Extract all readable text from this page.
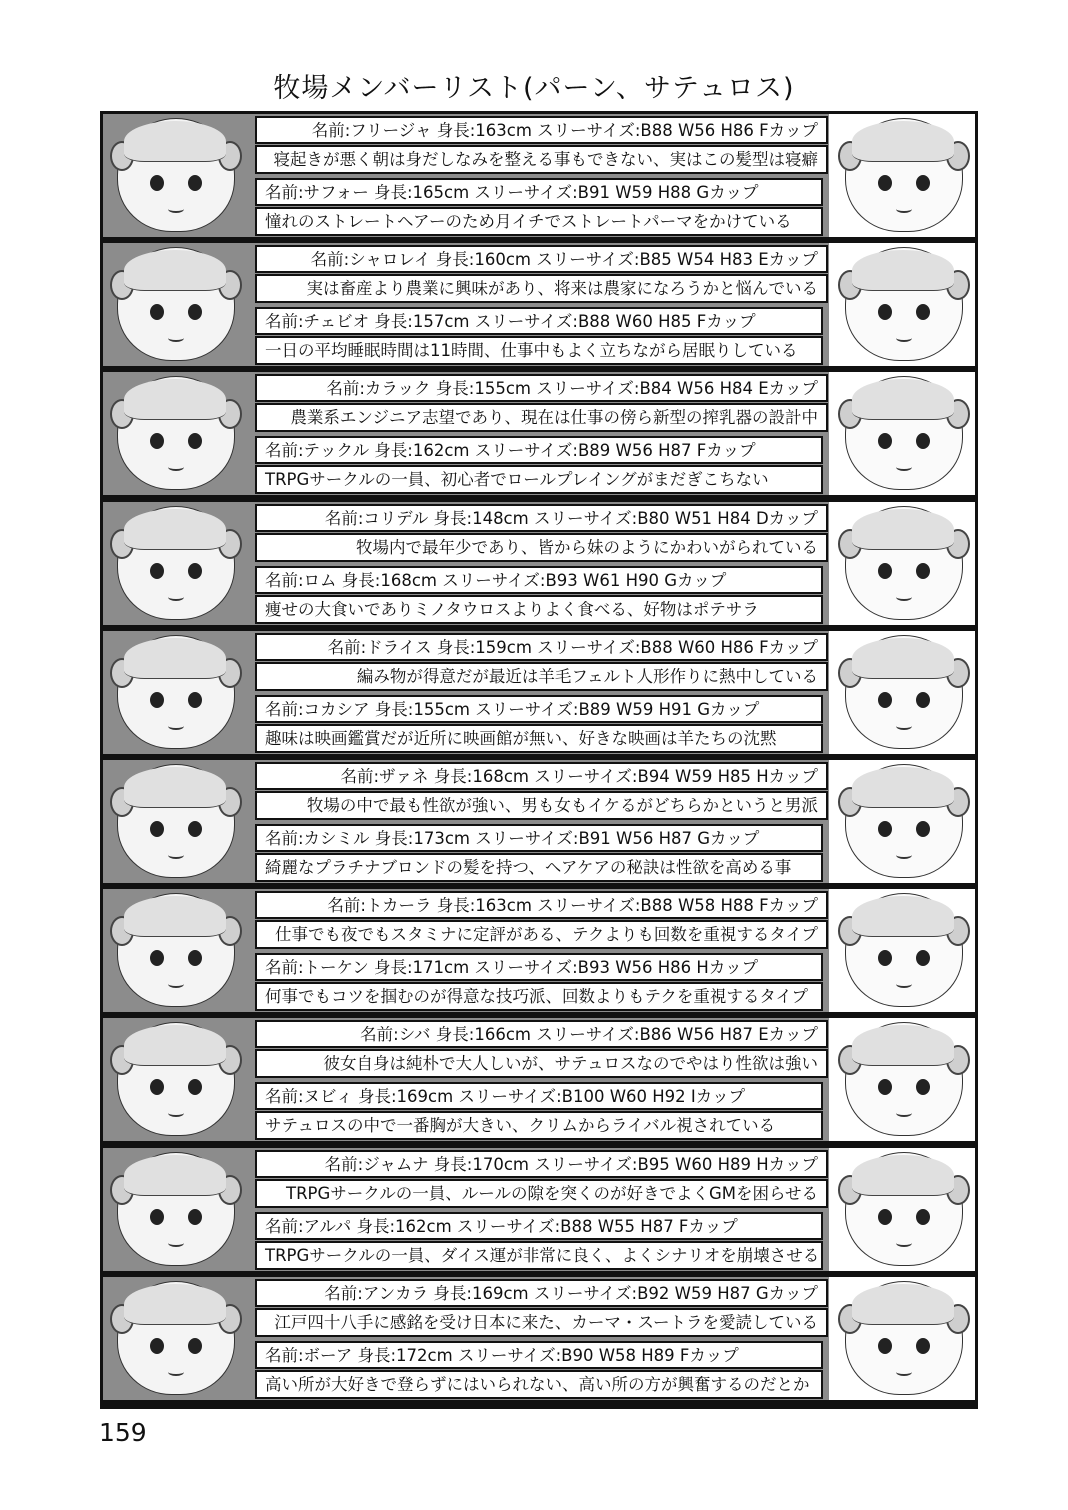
牧場メンバーリスト(パーン、サテュロス)
名前:フリージャ 身長:163cm スリーサイズ:B88 W56 H86 Fカップ
寝起きが悪く朝は身だしなみを整える事もできない、実はこの髪型は寝癖
名前:サフォー 身長:165cm スリーサイズ:B91 W59 H88 Gカップ
憧れのストレートヘアーのため月イチでストレートパーマをかけている
名前:シャロレイ 身長:160cm スリーサイズ:B85 W54 H83 Eカップ
実は畜産より農業に興味があり、将来は農家になろうかと悩んでいる
名前:チェビオ 身長:157cm スリーサイズ:B88 W60 H85 Fカップ
一日の平均睡眠時間は11時間、仕事中もよく立ちながら居眠りしている
名前:カラック 身長:155cm スリーサイズ:B84 W56 H84 Eカップ
農業系エンジニア志望であり、現在は仕事の傍ら新型の搾乳器の設計中
名前:テックル 身長:162cm スリーサイズ:B89 W56 H87 Fカップ
TRPGサークルの一員、初心者でロールプレイングがまだぎこちない
名前:コリデル 身長:148cm スリーサイズ:B80 W51 H84 Dカップ
牧場内で最年少であり、皆から妹のようにかわいがられている
名前:ロム 身長:168cm スリーサイズ:B93 W61 H90 Gカップ
痩せの大食いでありミノタウロスよりよく食べる、好物はポテサラ
名前:ドライス 身長:159cm スリーサイズ:B88 W60 H86 Fカップ
編み物が得意だが最近は羊毛フェルト人形作りに熱中している
名前:コカシア 身長:155cm スリーサイズ:B89 W59 H91 Gカップ
趣味は映画鑑賞だが近所に映画館が無い、好きな映画は羊たちの沈黙
名前:ザァネ 身長:168cm スリーサイズ:B94 W59 H85 Hカップ
牧場の中で最も性欲が強い、男も女もイケるがどちらかというと男派
名前:カシミル 身長:173cm スリーサイズ:B91 W56 H87 Gカップ
綺麗なプラチナブロンドの髪を持つ、ヘアケアの秘訣は性欲を高める事
名前:トカーラ 身長:163cm スリーサイズ:B88 W58 H88 Fカップ
仕事でも夜でもスタミナに定評がある、テクよりも回数を重視するタイプ
名前:トーケン 身長:171cm スリーサイズ:B93 W56 H86 Hカップ
何事でもコツを掴むのが得意な技巧派、回数よりもテクを重視するタイプ
名前:シバ 身長:166cm スリーサイズ:B86 W56 H87 Eカップ
彼女自身は純朴で大人しいが、サテュロスなのでやはり性欲は強い
名前:ヌビィ 身長:169cm スリーサイズ:B100 W60 H92 Iカップ
サテュロスの中で一番胸が大きい、クリムからライバル視されている
名前:ジャムナ 身長:170cm スリーサイズ:B95 W60 H89 Hカップ
TRPGサークルの一員、ルールの隙を突くのが好きでよくGMを困らせる
名前:アルパ 身長:162cm スリーサイズ:B88 W55 H87 Fカップ
TRPGサークルの一員、ダイス運が非常に良く、よくシナリオを崩壊させる
名前:アンカラ 身長:169cm スリーサイズ:B92 W59 H87 Gカップ
江戸四十八手に感銘を受け日本に来た、カーマ・スートラを愛読している
名前:ボーア 身長:172cm スリーサイズ:B90 W58 H89 Fカップ
高い所が大好きで登らずにはいられない、高い所の方が興奮するのだとか
159
